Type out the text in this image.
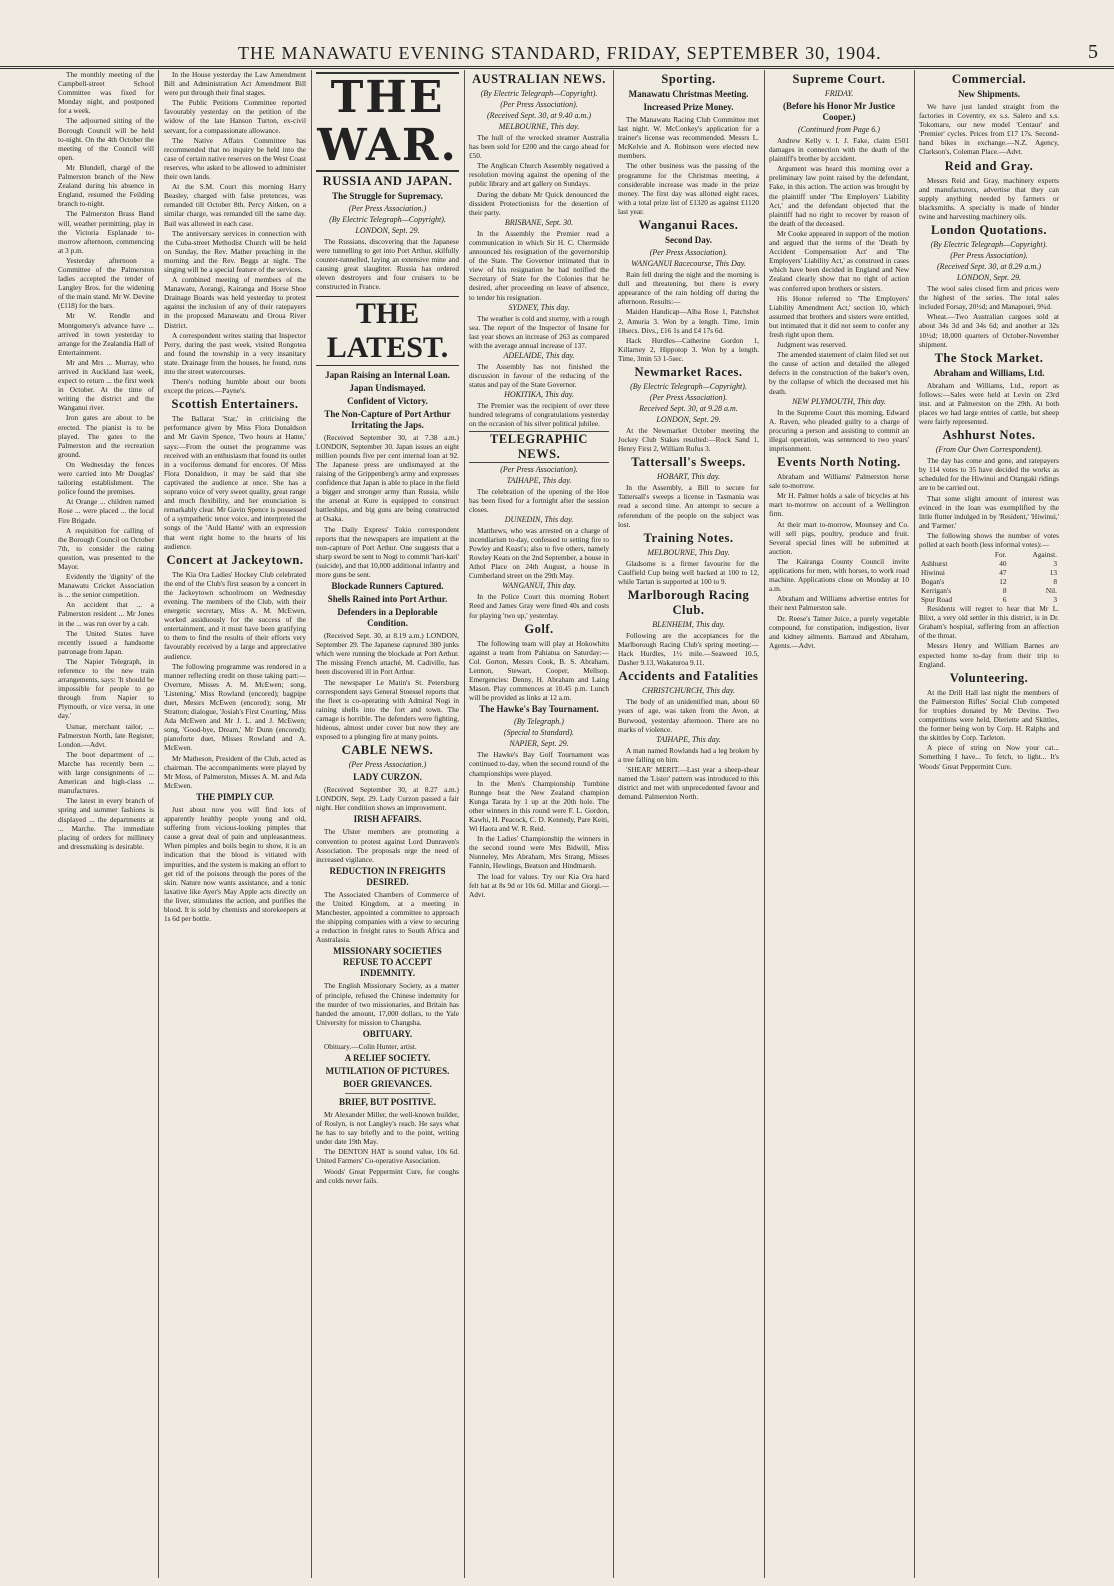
THE MANAWATU EVENING STANDARD, FRIDAY, SEPTEMBER 30, 1904.	5

The monthly meeting of the Campbell-street School Committee was fixed for Monday night, and postponed for a week.

The adjourned sitting of the Borough Council will be held to-night. On the 4th October the meeting of the Council will open.

Mr Blundell, chargé of the Palmerston branch of the New Zealand during his absence in England, resumed the Feilding branch to-night.

The Palmerston Brass Band will, weather permitting, play in the Victoria Esplanade to-morrow afternoon, commencing at 3 p.m.

Yesterday afternoon a Committee of the Palmerston ladies accepted the tender of Langley Bros. for the widening of the main stand. Mr W. Devine (£118) for the bars.

Mr W. Rendle and Montgomery's advance have ... arrived in town yesterday to arrange for the Zealandia Hall of Entertainment.

Mr and Mrs ... Murray, who arrived in Auckland last week, expect to return ... the first week in October. At the time of writing the district and the Wanganui river.

Iron gates are about to be erected. The pianist is to be played. The gates to the Palmerston and the recreation ground.

On Wednesday the fences were carried into Mr Douglas' tailoring establishment. The police found the premises.

At Orange ... children named Rose ... were placed ... the local Fire Brigade.

A requisition for calling of the Borough Council on October 7th, to consider the rating question, was presented to the Mayor.

Evidently the 'dignity' of the Manawatu Cricket Association is ... the senior competition.

An accident that ... a Palmerston resident ... Mr Jones in the ... was run over by a cab.

The United States have recently issued a handsome patronage from Japan.

The Napier Telegraph, in reference to the new train arrangements, says: 'It should be impossible for people to go through from Napier to Plymouth, or vice versa, in one day.'

Usmar, merchant tailor, ... Palmerston North, late Register, London.—Advt.

The boot department of ... Marche has recently been ... with large consignments of ... American and high-class ... manufactures.

The latest in every branch of spring and summer fashions is displayed ... the departments at ... Marche. The immediate placing of orders for millinery and dressmaking is desirable.

In the House yesterday the Law Amendment Bill and Administration Act Amendment Bill were put through their final stages.

The Public Petitions Committee reported favourably yesterday on the petition of the widow of the late Hanson Turton, ex-civil servant, for a compassionate allowance.

The Native Affairs Committee has recommended that no inquiry be held into the case of certain native reserves on the West Coast reserves, who asked to be allowed to administer their own lands.

At the S.M. Court this morning Harry Beasley, charged with false pretences, was remanded till October 8th. Percy Aitken, on a similar charge, was remanded till the same day. Bail was allowed in each case.

The anniversary services in connection with the Cuba-street Methodist Church will be held on Sunday, the Rev. Mather preaching in the morning and the Rev. Beggs at night. The singing will be a special feature of the services.

A combined meeting of members of the Manawatu, Aorangi, Kairanga and Horse Shoe Drainage Boards was held yesterday to protest against the inclusion of any of their ratepayers in the proposed Manawatu and Oroua River District.

A correspondent writes stating that Inspector Perry, during the past week, visited Rongotea and found the township in a very insanitary state. Drainage from the houses, he found, runs into the street watercourses.

There's nothing humble about our boots except the prices.—Payne's.

Scottish Entertainers.

The Ballarat 'Star,' in criticising the performance given by Miss Flora Donaldson and Mr Gavin Spence, 'Two hours at Hame,' says:—From the outset the programme was received with an enthusiasm that found its outlet in a vociferous demand for encores. Of Miss Flora Donaldson, it may be said that she captivated the audience at once. She has a soprano voice of very sweet quality, great range and much flexibility, and her enunciation is remarkably clear. Mr Gavin Spence is possessed of a sympathetic tenor voice, and interpreted the songs of the 'Auld Hame' with an expression that went right home to the hearts of his audience.

Concert at Jackeytown.

The Kia Ora Ladies' Hockey Club celebrated the end of the Club's first season by a concert in the Jackeytown schoolroom on Wednesday evening. The members of the Club, with their energetic secretary, Miss A. M. McEwen, worked assiduously for the success of the entertainment, and it must have been gratifying to them to find the results of their efforts very favourably received by a large and appreciative audience.

The following programme was rendered in a manner reflecting credit on those taking part:—Overture, Misses A. M. McEwen; song, 'Listening,' Miss Rowland (encored); bagpipe duet, Messrs McEwen (encored); song, Mr Stratton; dialogue, 'Josiah's First Courting,' Miss Ada McEwen and Mr J. L. and J. McEwen; song, 'Good-bye, Dream,' Mr Dunn (encored); pianoforte duet, Misses Rowland and A. McEwen.

Mr Matheson, President of the Club, acted as chairman. The accompaniments were played by Mr Moss, of Palmerston, Misses A. M. and Ada McEwen.

THE PIMPLY CUP.

Just about now you will find lots of apparently healthy people young and old, suffering from vicious-looking pimples that cause a great deal of pain and unpleasantness. When pimples and boils begin to show, it is an indication that the blood is vitiated with impurities, and the system is making an effort to get rid of the poisons through the pores of the skin. Nature now wants assistance, and a tonic laxative like Ayer's May Apple acts directly on the liver, stimulates the action, and purifies the blood. It is sold by chemists and storekeepers at 1s 6d per bottle.

THE WAR.
RUSSIA AND JAPAN.
The Struggle for Supremacy.
(Per Press Association.)
(By Electric Telegraph—Copyright).
LONDON, Sept. 29.

The Russians, discovering that the Japanese were tunnelling to get into Port Arthur, skilfully counter-tunnelled, laying an extensive mine and causing great slaughter. Russia has ordered eleven destroyers and four cruisers to be constructed in France.

THE LATEST.
Japan Raising an Internal Loan.
Japan Undismayed.
Confident of Victory.
The Non-Capture of Port Arthur Irritating the Japs.

(Received September 30, at 7.38 a.m.) LONDON, September 30. Japan issues an eight million pounds five per cent internal loan at 92. The Japanese press are undismayed at the raising of the Grippenberg's army and expresses confidence that Japan is able to place in the field a bigger and stronger army than Russia, while the arsenal at Kure is equipped to construct battleships, and big guns are being constructed at Osaka.

The Daily Express' Tokio correspondent reports that the newspapers are impatient at the non-capture of Port Arthur. One suggests that a sharp sword be sent to Nogi to commit 'hari-kari' (suicide), and that 10,000 additional infantry and more guns be sent.

Blockade Runners Captured.
Shells Rained into Port Arthur.
Defenders in a Deplorable Condition.

(Received Sept. 30, at 8.19 a.m.) LONDON, September 29. The Japanese captured 300 junks which were running the blockade at Port Arthur. The missing French attaché, M. Cadiville, has been discovered ill in Port Arthur.

The newspaper Le Matin's St. Petersburg correspondent says General Stoessel reports that the fleet is co-operating with Admiral Nogi in raining shells into the fort and town. The carnage is horrible. The defenders were fighting, hideous, almost under cover but now they are exposed to a plunging fire at many points.

CABLE NEWS.
(Per Press Association.)
LADY CURZON.

(Received September 30, at 8.27 a.m.) LONDON, Sept. 29. Lady Curzon passed a fair night. Her condition shows an improvement.

IRISH AFFAIRS.

The Ulster members are promoting a convention to protest against Lord Dunraven's Association. The proposals urge the need of increased vigilance.

REDUCTION IN FREIGHTS DESIRED.

The Associated Chambers of Commerce of the United Kingdom, at a meeting in Manchester, appointed a committee to approach the shipping companies with a view to securing a reduction in freight rates to South Africa and Australasia.

MISSIONARY SOCIETIES REFUSE TO ACCEPT INDEMNITY.

The English Missionary Society, as a matter of principle, refused the Chinese indemnity for the murder of two missionaries, and Britain has handed the amount, 17,000 dollars, to the Yale University for mission to Changsha.

OBITUARY.

Obituary.—Colin Hunter, artist.

A RELIEF SOCIETY.
MUTILATION OF PICTURES.
BOER GRIEVANCES.
BRIEF, BUT POSITIVE.

Mr Alexander Miller, the well-known builder, of Roslyn, is not Langley's reach. He says what he has to say briefly and to the point, writing under date 19th May.

The DENTON HAT is sound value, 10s 6d. United Farmers' Co-operative Association.

Woods' Great Peppermint Cure, for coughs and colds never fails.

AUSTRALIAN NEWS.
(By Electric Telegraph—Copyright).
(Per Press Association).
(Received Sept. 30, at 9.40 a.m.)
MELBOURNE, This day.

The hull of the wrecked steamer Australia has been sold for £200 and the cargo ahead for £50.

The Anglican Church Assembly negatived a resolution moving against the opening of the public library and art gallery on Sundays.

During the debate Mr Quick denounced the dissident Protectionists for the desertion of their party.

BRISBANE, Sept. 30.

In the Assembly the Premier read a communication in which Sir H. C. Chermside announced his resignation of the governorship of the State. The Governor intimated that in view of his resignation he had notified the Secretary of State for the Colonies that he desired, after proceeding on leave of absence, to tender his resignation.

SYDNEY, This day.

The weather is cold and stormy, with a rough sea. The report of the Inspector of Insane for last year shows an increase of 263 as compared with the average annual increase of 137.

ADELAIDE, This day.

The Assembly has not finished the discussion in favour of the reducing of the status and pay of the State Governor.

HOKITIKA, This day.

The Premier was the recipient of over three hundred telegrams of congratulations yesterday on the occasion of his silver political jubilee.

TELEGRAPHIC NEWS.
(Per Press Association).
TAIHAPE, This day.

The celebration of the opening of the Hoe has been fixed for a fortnight after the session closes.

DUNEDIN, This day.

Matthews, who was arrested on a charge of incendiarism to-day, confessed to setting fire to Powley and Keast's; also to five others, namely Rowley Keats on the 2nd September, a house in Athol Place on 24th August, a house in Cumberland street on the 29th May.

WANGANUI, This day.

In the Police Court this morning Robert Reed and James Gray were fined 40s and costs for playing 'two up,' yesterday.

Golf.

The following team will play at Hokowhitu against a team from Pahiatua on Saturday:—Col. Gorton, Messrs Cook, B. S. Abraham, Lennon, Stewart, Cooper, Mellsop. Emergencies: Denny, H. Abraham and Laing Mason. Play commences at 10.45 p.m. Lunch will be provided as links at 12 a.m.

The Hawke's Bay Tournament.
(By Telegraph.)
(Special to Standard).
NAPIER, Sept. 29.

The Hawke's Bay Golf Tournament was continued to-day, when the second round of the championships were played.

In the Men's Championship Tumbine Runnge beat the New Zealand champion Kunga Tarata by 1 up at the 20th hole. The other winners in this round were F. L. Gordon, Kawhi, H. Peacock, C. D. Kennedy, Pare Keiti, Wi Haora and W. R. Reid.

In the Ladies' Championship the winners in the second round were Mrs Bidwill, Miss Nunneley, Mrs Abraham, Mrs Strang, Misses Fannin, Hewlings, Beatson and Hindmarsh.

The load for values. Try our Kia Ora hard felt hat at 8s 9d or 10s 6d. Millar and Giorgi.—Advt.

Sporting.
Manawatu Christmas Meeting.
Increased Prize Money.

The Manawatu Racing Club Committee met last night. W. McConkey's application for a trainer's license was recommended. Messrs L. McKelvie and A. Robinson were elected new members.

The other business was the passing of the programme for the Christmas meeting, a considerable increase was made in the prize money. The first day was allotted eight races, with a total prize list of £1320 as against £1120 last year.

Wanganui Races.
Second Day.
(Per Press Association).
WANGANUI Racecourse, This Day.

Rain fell during the night and the morning is dull and threatening, but there is every appearance of the rain holding off during the afternoon. Results:—

Maiden Handicap—Alba Rose 1, Patchshot 2, Amuria 3. Won by a length. Time, 1min 18secs. Divs., £16 1s and £4 17s 6d.

Hack Hurdles—Catherine Gordon 1, Killarney 2, Hippotop 3. Won by a length. Time, 3min 53 1-5sec.

Newmarket Races.
(By Electric Telegraph—Copyright).
(Per Press Association).
Received Sept. 30, at 9.28 a.m.
LONDON, Sept. 29.

At the Newmarket October meeting the Jockey Club Stakes resulted:—Rock Sand 1, Henry First 2, William Rufus 3.

Tattersall's Sweeps.
HOBART, This day.

In the Assembly, a Bill to secure for Tattersall's sweeps a license in Tasmania was read a second time. An attempt to secure a referendum of the people on the subject was lost.

Training Notes.
MELBOURNE, This Day.

Gladsome is a firmer favourite for the Caulfield Cup being well backed at 100 to 12, while Tartan is supported at 100 to 9.

Marlborough Racing Club.
BLENHEIM, This day.

Following are the acceptances for the Marlborough Racing Club's spring meeting:—Hack Hurdles, 1½ mile.—Seaweed 10.5, Dasher 9.13, Wakaturoa 9.11.

Accidents and Fatalities
CHRISTCHURCH, This day.

The body of an unidentified man, about 60 years of age, was taken from the Avon, at Burwood, yesterday afternoon. There are no marks of violence.

TAIHAPE, This day.

A man named Rowlands had a leg broken by a tree falling on him.

'SHEAR' MERIT.—Last year a sheep-shear named the 'Lister' pattern was introduced to this district and met with unprecedented favour and demand. Palmerston North.

Supreme Court.
FRIDAY.
(Before his Honor Mr Justice Cooper.)
(Continued from Page 6.)

Andrew Kelly v. I. J. Fake, claim £501 damages in connection with the death of the plaintiff's brother by accident.

Argument was heard this morning over a preliminary law point raised by the defendant, Fake, in this action. The action was brought by the plaintiff under 'The Employers' Liability Act,' and the defendant objected that the plaintiff had no right to recover by reason of the death of the deceased.

Mr Cooke appeared in support of the motion and argued that the terms of the 'Death by Accident Compensation Act' and 'The Employers' Liability Act,' as construed in cases which have been decided in England and New Zealand clearly show that no right of action was conferred upon brothers or sisters.

His Honor referred to 'The Employers' Liability Amendment Act,' section 10, which assumed that brothers and sisters were entitled, but intimated that it did not seem to confer any fresh right upon them.

Judgment was reserved.

The amended statement of claim filed set out the cause of action and detailed the alleged defects in the construction of the baker's oven, by the collapse of which the deceased met his death.

NEW PLYMOUTH, This day.

In the Supreme Court this morning, Edward A. Raven, who pleaded guilty to a charge of procuring a person and assisting to commit an illegal operation, was sentenced to two years' imprisonment.

Events North Noting.

Abraham and Williams' Palmerston horse sale to-morrow.

Mr H. Palmer holds a sale of bicycles at his mart to-morrow on account of a Wellington firm.

At their mart to-morrow, Mounsey and Co. will sell pigs, poultry, produce and fruit. Several special lines will be submitted at auction.

The Kairanga County Council invite applications for men, with horses, to work road machine. Applications close on Monday at 10 a.m.

Abraham and Williams advertise entries for their next Palmerston sale.

Dr. Reese's Tamer Juice, a purely vegetable compound, for constipation, indigestion, liver and kidney ailments. Barraud and Abraham, Agents.—Advt.

Commercial.
New Shipments.

We have just landed straight from the factories in Coventry, ex s.s. Salero and s.s. Tokomaru, our new model 'Centaur' and 'Premier' cycles. Prices from £17 17s. Second-hand bikes in exchange.—N.Z. Agency, Clarkson's, Coleman Place.—Advt.

Reid and Gray.

Messrs Reid and Gray, machinery experts and manufacturers, advertise that they can supply anything needed by farmers or blacksmiths. A specialty is made of binder twine and harvesting machinery oils.

London Quotations.
(By Electric Telegraph—Copyright).
(Per Press Association).
(Received Sept. 30, at 8.29 a.m.)
LONDON, Sept. 29.

The wool sales closed firm and prices were the highest of the series. The total sales included Forsay, 20½d; and Manapouri, 9¾d.

Wheat.—Two Australian cargoes sold at about 34s 3d and 34s 6d; and another at 32s 10½d; 18,000 quarters of October-November shipment.

The Stock Market.
Abraham and Williams, Ltd.

Abraham and Williams, Ltd., report as follows:—Sales were held at Levin on 23rd inst. and at Palmerston on the 29th. At both places we had large entries of cattle, but sheep were fairly represented.

Ashhurst Notes.
(From Our Own Correspondent).

The day has come and gone, and ratepayers by 114 votes to 35 have decided the works as scheduled for the Hiwinui and Otangaki ridings are to be carried out.

That some slight amount of interest was evinced in the loan was exemplified by the little flutter indulged in by 'Resident,' 'Hiwinui,' and 'Farmer.'

The following shows the number of votes polled at each booth (less informal votes):—

	For.	Against.
Ashhurst	40	3
Hiwinui	47	13
Bogan's	12	8
Kerrigan's	8	Nil.
Spur Road	6	3

Residents will regret to hear that Mr L. Blixt, a very old settler in this district, is in Dr. Graham's hospital, suffering from an affection of the throat.

Messrs Henry and William Barnes are expected home to-day from their trip to England.

Volunteering.

At the Drill Hall last night the members of the Palmerston Rifles' Social Club competed for trophies donated by Mr Devine. Two competitions were held, Dieriette and Skittles, the former being won by Corp. H. Ralphs and the skittles by Corp. Tarleton.

A piece of string on Now your cat... Something I have... To fetch, to light... It's Woods' Great Peppermint Cure.
